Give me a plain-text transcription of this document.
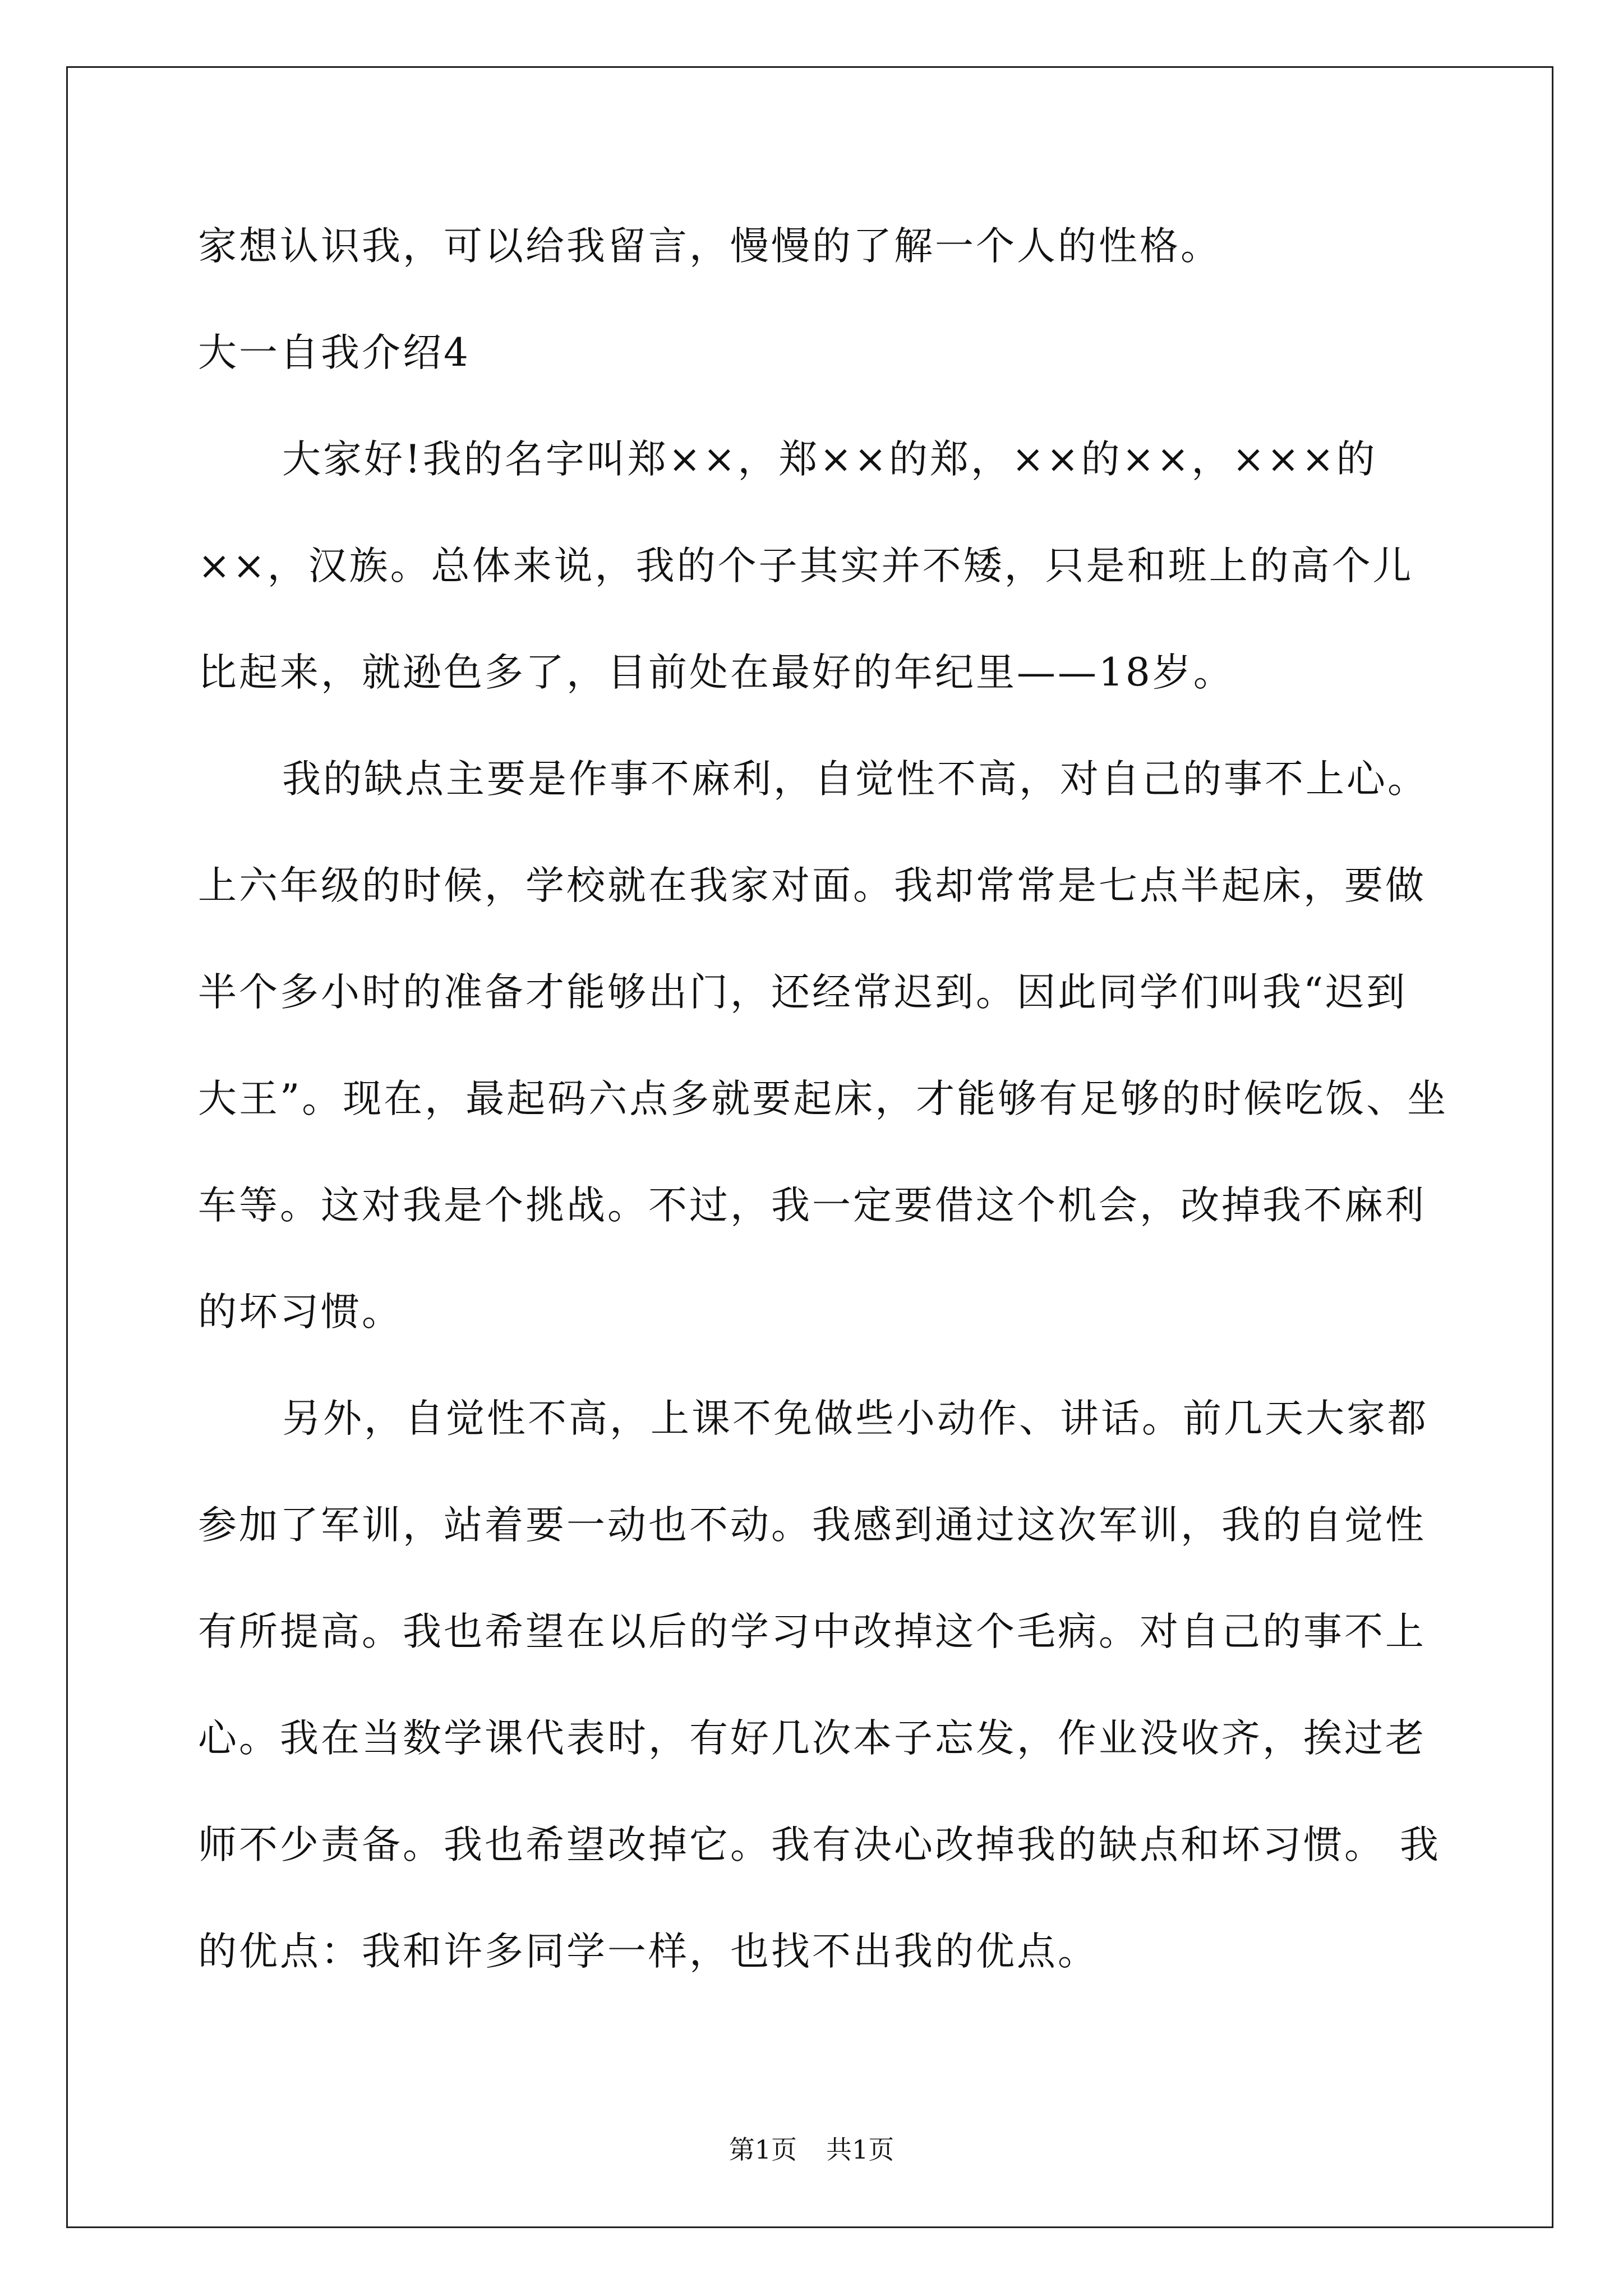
家想认识我，可以给我留言，慢慢的了解一个人的性格。
大一自我介绍4
大家好!我的名字叫郑××，郑××的郑，××的××，×××的
××，汉族。总体来说，我的个子其实并不矮，只是和班上的高个儿
比起来，就逊色多了，目前处在最好的年纪里——18岁。
我的缺点主要是作事不麻利，自觉性不高，对自己的事不上心。
上六年级的时候，学校就在我家对面。我却常常是七点半起床，要做
半个多小时的准备才能够出门，还经常迟到。因此同学们叫我“迟到
大王”。现在，最起码六点多就要起床，才能够有足够的时候吃饭、坐
车等。这对我是个挑战。不过，我一定要借这个机会，改掉我不麻利
的坏习惯。
另外，自觉性不高，上课不免做些小动作、讲话。前几天大家都
参加了军训，站着要一动也不动。我感到通过这次军训，我的自觉性
有所提高。我也希望在以后的学习中改掉这个毛病。对自己的事不上
心。我在当数学课代表时，有好几次本子忘发，作业没收齐，挨过老
师不少责备。我也希望改掉它。我有决心改掉我的缺点和坏习惯。 我
的优点：我和许多同学一样，也找不出我的优点。
第1页 共1页
